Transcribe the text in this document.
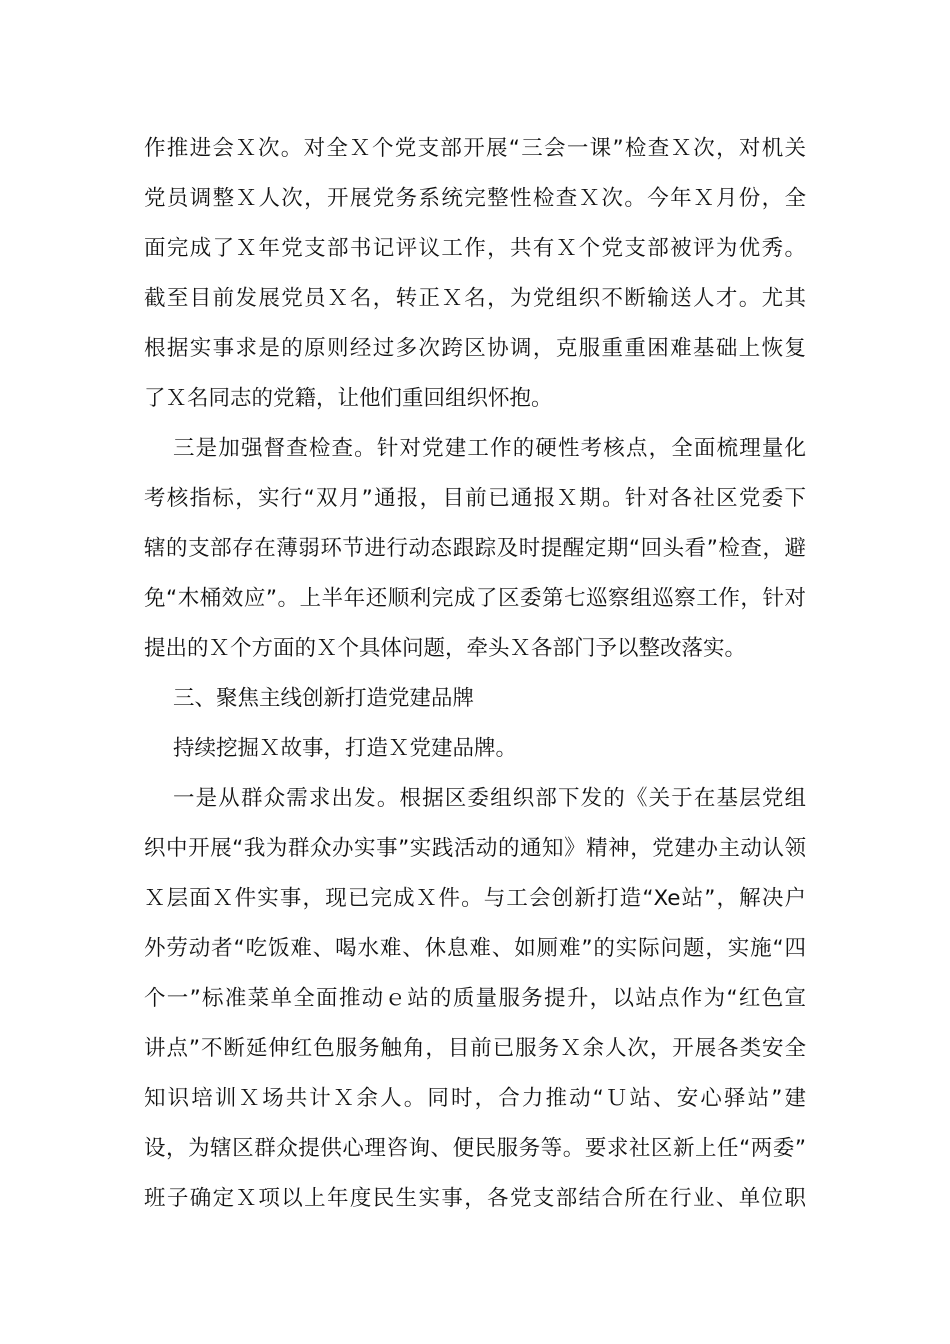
作推进会Ｘ次。对全Ｘ个党支部开展“三会一课”检查Ｘ次，对机关
党员调整Ｘ人次，开展党务系统完整性检查Ｘ次。今年Ｘ月份，全
面完成了Ｘ年党支部书记评议工作，共有Ｘ个党支部被评为优秀。
截至目前发展党员Ｘ名，转正Ｘ名，为党组织不断输送人才。尤其
根据实事求是的原则经过多次跨区协调，克服重重困难基础上恢复
了Ｘ名同志的党籍，让他们重回组织怀抱。
三是加强督查检查。针对党建工作的硬性考核点，全面梳理量化
考核指标，实行“双月”通报，目前已通报Ｘ期。针对各社区党委下
辖的支部存在薄弱环节进行动态跟踪及时提醒定期“回头看”检查，避
免“木桶效应”。上半年还顺利完成了区委第七巡察组巡察工作，针对
提出的Ｘ个方面的Ｘ个具体问题，牵头Ｘ各部门予以整改落实。
三、聚焦主线创新打造党建品牌
持续挖掘Ｘ故事，打造Ｘ党建品牌。
一是从群众需求出发。根据区委组织部下发的《关于在基层党组
织中开展“我为群众办实事”实践活动的通知》精神，党建办主动认领
Ｘ层面Ｘ件实事，现已完成Ｘ件。与工会创新打造“Xe站”，解决户
外劳动者“吃饭难、喝水难、休息难、如厕难”的实际问题，实施“四
个一”标准菜单全面推动ｅ站的质量服务提升，以站点作为“红色宣
讲点”不断延伸红色服务触角，目前已服务Ｘ余人次，开展各类安全
知识培训Ｘ场共计Ｘ余人。同时，合力推动“Ｕ站、安心驿站”建
设，为辖区群众提供心理咨询、便民服务等。要求社区新上任“两委”
班子确定Ｘ项以上年度民生实事，各党支部结合所在行业、单位职
